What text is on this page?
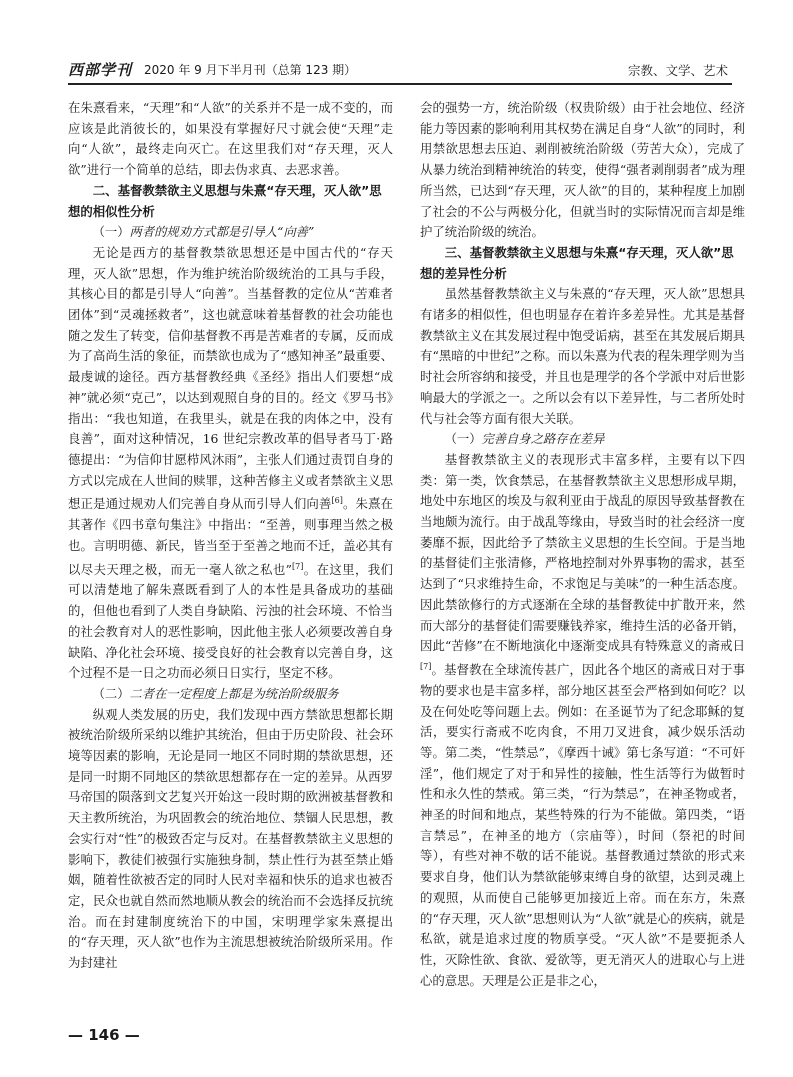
西部学刊 2020 年 9 月下半月刊（总第 123 期）	宗教、文学、艺术

在朱熹看来，“天理”和“人欲”的关系并不是一成不变的，而应该是此消彼长的，如果没有掌握好尺寸就会使“天理”走向“人欲”，最终走向灭亡。在这里我们对“存天理，灭人欲”进行一个简单的总结，即去伪求真、去恶求善。

二、基督教禁欲主义思想与朱熹“存天理，灭人欲”思想的相似性分析
（一）两者的规劝方式都是引导人“向善”

无论是西方的基督教禁欲思想还是中国古代的“存天理，灭人欲”思想，作为维护统治阶级统治的工具与手段，其核心目的都是引导人“向善”。当基督教的定位从“苦难者团体”到“灵魂拯救者”，这也就意味着基督教的社会功能也随之发生了转变，信仰基督教不再是苦难者的专属，反而成为了高尚生活的象征，而禁欲也成为了“感知神圣”最重要、最虔诚的途径。西方基督教经典《圣经》指出人们要想“成神”就必须“克己”，以达到观照自身的目的。经文《罗马书》指出：“我也知道，在我里头，就是在我的肉体之中，没有良善”，面对这种情况，16 世纪宗教改革的倡导者马丁·路德提出：“为信仰甘愿栉风沐雨”，主张人们通过责罚自身的方式以完成在人世间的赎罪，这种苦修主义或者禁欲主义思想正是通过规劝人们完善自身从而引导人们向善[6]。朱熹在其著作《四书章句集注》中指出：“至善，则事理当然之极也。言明明德、新民，皆当至于至善之地而不迁，盖必其有以尽夫天理之极，而无一毫人欲之私也”[7]。在这里，我们可以清楚地了解朱熹既看到了人的本性是具备成功的基础的，但他也看到了人类自身缺陷、污浊的社会环境、不恰当的社会教育对人的恶性影响，因此他主张人必须要改善自身缺陷、净化社会环境、接受良好的社会教育以完善自身，这个过程不是一日之功而必须日日实行，坚定不移。

（二）二者在一定程度上都是为统治阶级服务

纵观人类发展的历史，我们发现中西方禁欲思想都长期被统治阶级所采纳以维护其统治，但由于历史阶段、社会环境等因素的影响，无论是同一地区不同时期的禁欲思想，还是同一时期不同地区的禁欲思想都存在一定的差异。从西罗马帝国的陨落到文艺复兴开始这一段时期的欧洲被基督教和天主教所统治，为巩固教会的统治地位、禁锢人民思想，教会实行对“性”的极致否定与反对。在基督教禁欲主义思想的影响下，教徒们被强行实施独身制，禁止性行为甚至禁止婚姻，随着性欲被否定的同时人民对幸福和快乐的追求也被否定，民众也就自然而然地顺从教会的统治而不会选择反抗统治。而在封建制度统治下的中国，宋明理学家朱熹提出的“存天理，灭人欲”也作为主流思想被统治阶级所采用。作为封建社

会的强势一方，统治阶级（权贵阶级）由于社会地位、经济能力等因素的影响利用其权势在满足自身“人欲”的同时，利用禁欲思想去压迫、剥削被统治阶级（劳苦大众），完成了从暴力统治到精神统治的转变，使得“强者剥削弱者”成为理所当然，已达到“存天理，灭人欲”的目的，某种程度上加剧了社会的不公与两极分化，但就当时的实际情况而言却是维护了统治阶级的统治。

三、基督教禁欲主义思想与朱熹“存天理，灭人欲”思想的差异性分析

虽然基督教禁欲主义与朱熹的“存天理，灭人欲”思想具有诸多的相似性，但也明显存在着许多差异性。尤其是基督教禁欲主义在其发展过程中饱受诟病，甚至在其发展后期具有“黑暗的中世纪”之称。而以朱熹为代表的程朱理学则为当时社会所容纳和接受，并且也是理学的各个学派中对后世影响最大的学派之一。之所以会有以下差异性，与二者所处时代与社会等方面有很大关联。

（一）完善自身之路存在差异

基督教禁欲主义的表现形式丰富多样，主要有以下四类：第一类，饮食禁忌，在基督教禁欲主义思想形成早期，地处中东地区的埃及与叙利亚由于战乱的原因导致基督教在当地颇为流行。由于战乱等缘由，导致当时的社会经济一度萎靡不振，因此给予了禁欲主义思想的生长空间。于是当地的基督徒们主张清修，严格地控制对外界事物的需求，甚至达到了“只求维持生命，不求饱足与美味”的一种生活态度。因此禁欲修行的方式逐渐在全球的基督教徒中扩散开来，然而大部分的基督徒们需要赚钱养家，维持生活的必备开销，因此“苦修”在不断地演化中逐渐变成具有特殊意义的斋戒日[7]。基督教在全球流传甚广，因此各个地区的斋戒日对于事物的要求也是丰富多样，部分地区甚至会严格到如何吃？以及在何处吃等问题上去。例如：在圣诞节为了纪念耶稣的复活，要实行斋戒不吃肉食，不用刀叉进食，减少娱乐活动等。第二类，“性禁忌”，《摩西十诫》第七条写道：“不可奸淫”，他们规定了对于和异性的接触，性生活等行为做暂时性和永久性的禁戒。第三类，“行为禁忌”，在神圣物或者，神圣的时间和地点，某些特殊的行为不能做。第四类，“语言禁忌”，在神圣的地方（宗庙等），时间（祭祀的时间等），有些对神不敬的话不能说。基督教通过禁欲的形式来要求自身，他们认为禁欲能够束缚自身的欲望，达到灵魂上的观照，从而使自己能够更加接近上帝。而在东方，朱熹的“存天理，灭人欲”思想则认为“人欲”就是心的疾病，就是私欲，就是追求过度的物质享受。“灭人欲”不是要扼杀人性，灭除性欲、食欲、爱欲等，更无消灭人的进取心与上进心的意思。天理是公正是非之心，

— 146 —
